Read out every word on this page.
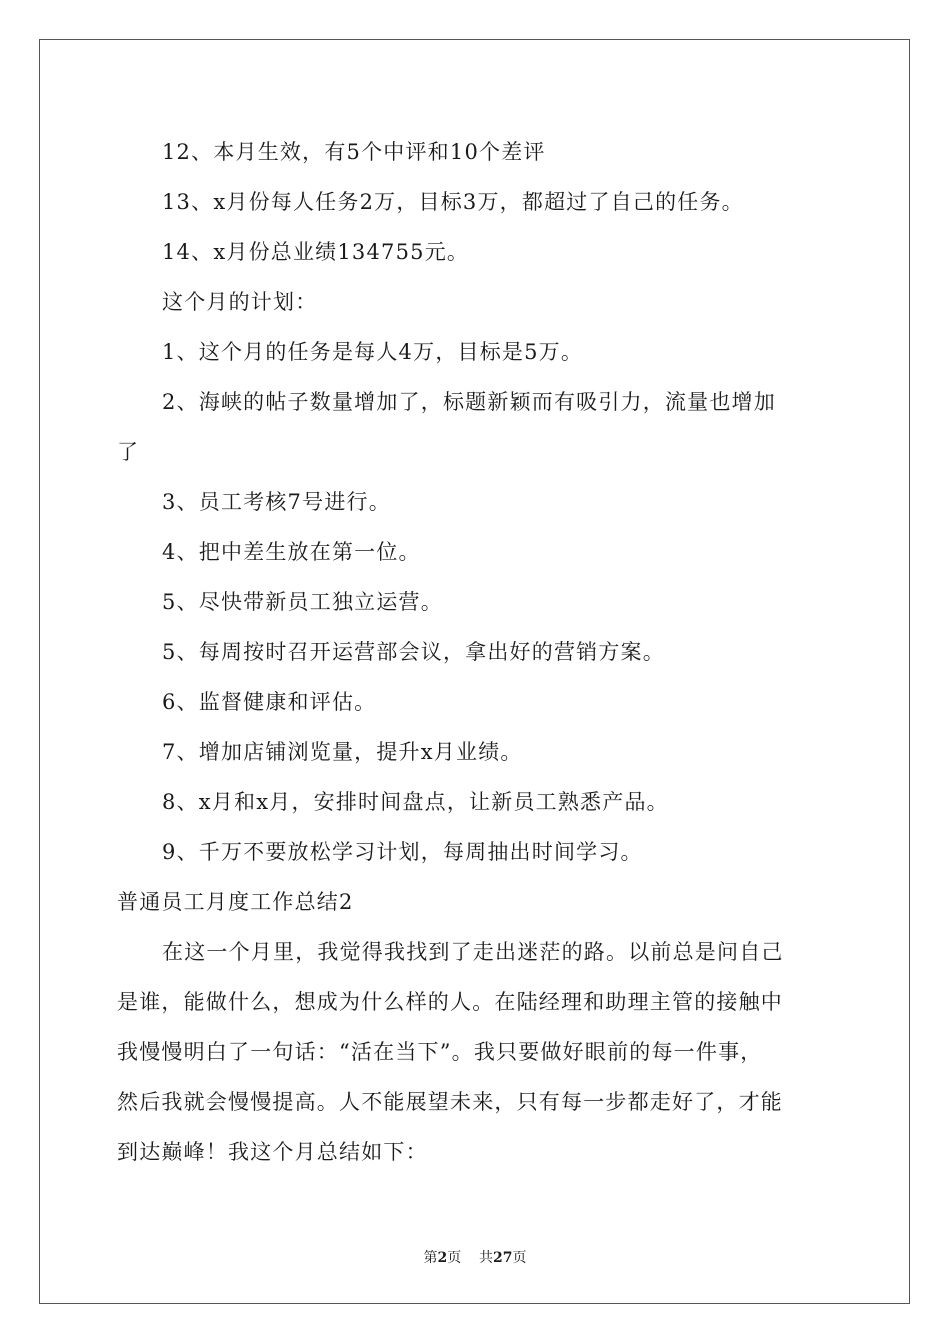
12、本月生效，有5个中评和10个差评
13、x月份每人任务2万，目标3万，都超过了自己的任务。
14、x月份总业绩134755元。
这个月的计划：
1、这个月的任务是每人4万，目标是5万。
2、海峡的帖子数量增加了，标题新颖而有吸引力，流量也增加
了
3、员工考核7号进行。
4、把中差生放在第一位。
5、尽快带新员工独立运营。
5、每周按时召开运营部会议，拿出好的营销方案。
6、监督健康和评估。
7、增加店铺浏览量，提升x月业绩。
8、x月和x月，安排时间盘点，让新员工熟悉产品。
9、千万不要放松学习计划，每周抽出时间学习。
普通员工月度工作总结2
在这一个月里，我觉得我找到了走出迷茫的路。以前总是问自己
是谁，能做什么，想成为什么样的人。在陆经理和助理主管的接触中
我慢慢明白了一句话：“活在当下”。我只要做好眼前的每一件事，
然后我就会慢慢提高。人不能展望未来，只有每一步都走好了，才能
到达巅峰！我这个月总结如下：
第2页    共27页
